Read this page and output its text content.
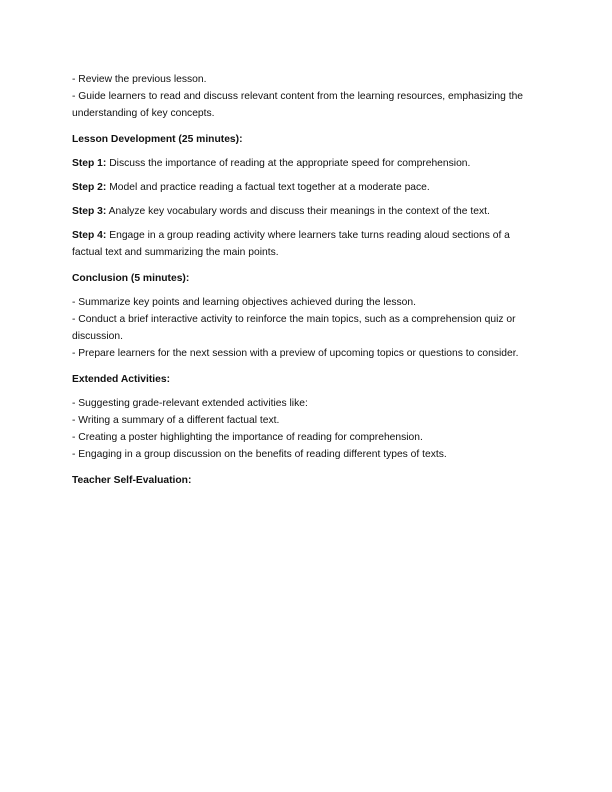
- Review the previous lesson.

- Guide learners to read and discuss relevant content from the learning resources, emphasizing the understanding of key concepts.

Lesson Development (25 minutes):

Step 1: Discuss the importance of reading at the appropriate speed for comprehension.

Step 2: Model and practice reading a factual text together at a moderate pace.

Step 3: Analyze key vocabulary words and discuss their meanings in the context of the text.

Step 4: Engage in a group reading activity where learners take turns reading aloud sections of a factual text and summarizing the main points.

Conclusion (5 minutes):

- Summarize key points and learning objectives achieved during the lesson.

- Conduct a brief interactive activity to reinforce the main topics, such as a comprehension quiz or discussion.

- Prepare learners for the next session with a preview of upcoming topics or questions to consider.

Extended Activities:

- Suggesting grade-relevant extended activities like:

- Writing a summary of a different factual text.

- Creating a poster highlighting the importance of reading for comprehension.

- Engaging in a group discussion on the benefits of reading different types of texts.

Teacher Self-Evaluation:
